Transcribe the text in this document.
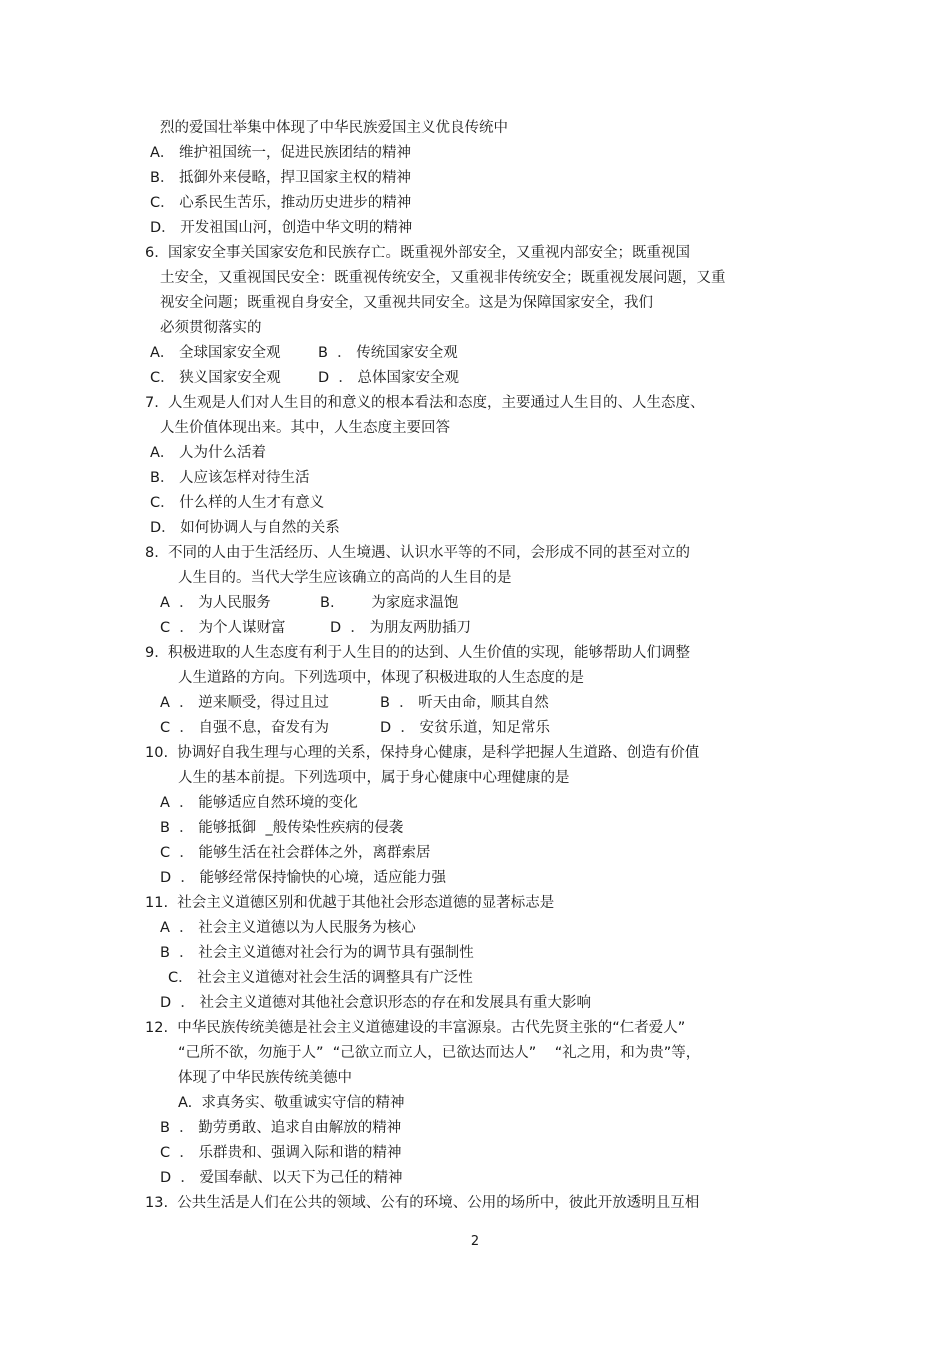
烈的爱国壮举集中体现了中华民族爱国主义优良传统中
A． 维护祖国统一，促进民族团结的精神
B． 抵御外来侵略，捍卫国家主权的精神
C． 心系民生苦乐，推动历史进步的精神
D． 开发祖国山河，创造中华文明的精神
6.  国家安全事关国家安危和民族存亡。既重视外部安全，又重视内部安全；既重视国
土安全，又重视国民安全：既重视传统安全，又重视非传统安全；既重视发展问题，又重
视安全问题；既重视自身安全，又重视共同安全。这是为保障国家安全，我们
必须贯彻落实的
A． 全球国家安全观	B  ． 传统国家安全观
C． 狭义国家安全观	D  ． 总体国家安全观
7.  人生观是人们对人生目的和意义的根本看法和态度，主要通过人生目的、人生态度、
人生价值体现出来。其中，人生态度主要回答
A． 人为什么活着
B． 人应该怎样对待生活
C． 什么样的人生才有意义
D． 如何协调人与自然的关系
8.  不同的人由于生活经历、人生境遇、认识水平等的不同，会形成不同的甚至对立的
人生目的。当代大学生应该确立的高尚的人生目的是
A  ． 为人民服务	B.        为家庭求温饱
C  ． 为个人谋财富	D  ． 为朋友两肋插刀
9.  积极进取的人生态度有利于人生目的的达到、人生价值的实现，能够帮助人们调整
人生道路的方向。下列选项中，体现了积极进取的人生态度的是
A  ． 逆来顺受，得过且过	B  ． 听天由命，顺其自然
C  ． 自强不息，奋发有为	D  ． 安贫乐道，知足常乐
10.  协调好自我生理与心理的关系，保持身心健康，是科学把握人生道路、创造有价值
人生的基本前提。下列选项中，属于身心健康中心理健康的是
A  ． 能够适应自然环境的变化
B  ． 能够抵御  _般传染性疾病的侵袭
C  ． 能够生活在社会群体之外，离群索居
D  ． 能够经常保持愉快的心境，适应能力强
11.  社会主义道德区别和优越于其他社会形态道德的显著标志是
A  ． 社会主义道德以为人民服务为核心
B  ． 社会主义道德对社会行为的调节具有强制性
C． 社会主义道德对社会生活的调整具有广泛性
D  ． 社会主义道德对其他社会意识形态的存在和发展具有重大影响
12.  中华民族传统美德是社会主义道德建设的丰富源泉。古代先贤主张的“仁者爱人”
“己所不欲，勿施于人”  “己欲立而立人，已欲达而达人”    “礼之用，和为贵”等，
体现了中华民族传统美德中
A.  求真务实、敬重诚实守信的精神
B  ． 勤劳勇敢、追求自由解放的精神
C  ． 乐群贵和、强调入际和谐的精神
D  ． 爱国奉献、以天下为己任的精神
13.  公共生活是人们在公共的领域、公有的环境、公用的场所中，彼此开放透明且互相
2
